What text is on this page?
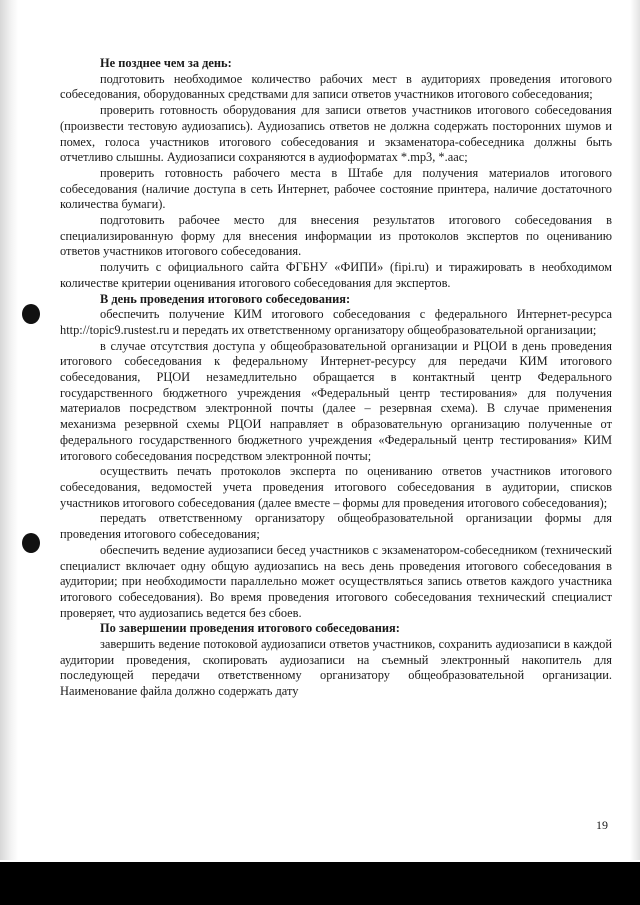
Не позднее чем за день:

подготовить необходимое количество рабочих мест в аудиториях проведения итогового собеседования, оборудованных средствами для записи ответов участников итогового собеседования;

проверить готовность оборудования для записи ответов участников итогового собеседования (произвести тестовую аудиозапись). Аудиозапись ответов не должна содержать посторонних шумов и помех, голоса участников итогового собеседования и экзаменатора-собеседника должны быть отчетливо слышны. Аудиозаписи сохраняются в аудиоформатах *.mp3, *.aac;

проверить готовность рабочего места в Штабе для получения материалов итогового собеседования (наличие доступа в сеть Интернет, рабочее состояние принтера, наличие достаточного количества бумаги).

подготовить рабочее место для внесения результатов итогового собеседования в специализированную форму для внесения информации из протоколов экспертов по оцениванию ответов участников итогового собеседования.

получить с официального сайта ФГБНУ «ФИПИ» (fipi.ru) и тиражировать в необходимом количестве критерии оценивания итогового собеседования для экспертов.

В день проведения итогового собеседования:

обеспечить получение КИМ итогового собеседования с федерального Интернет-ресурса http://topic9.rustest.ru и передать их ответственному организатору общеобразовательной организации;

в случае отсутствия доступа у общеобразовательной организации и РЦОИ в день проведения итогового собеседования к федеральному Интернет-ресурсу для передачи КИМ итогового собеседования, РЦОИ незамедлительно обращается в контактный центр Федерального государственного бюджетного учреждения «Федеральный центр тестирования» для получения материалов посредством электронной почты (далее – резервная схема). В случае применения механизма резервной схемы РЦОИ направляет в образовательную организацию полученные от федерального государственного бюджетного учреждения «Федеральный центр тестирования» КИМ итогового собеседования посредством электронной почты;

осуществить печать протоколов эксперта по оцениванию ответов участников итогового собеседования, ведомостей учета проведения итогового собеседования в аудитории, списков участников итогового собеседования (далее вместе – формы для проведения итогового собеседования);

передать ответственному организатору общеобразовательной организации формы для проведения итогового собеседования;

обеспечить ведение аудиозаписи бесед участников с экзаменатором-собеседником (технический специалист включает одну общую аудиозапись на весь день проведения итогового собеседования в аудитории; при необходимости параллельно может осуществляться запись ответов каждого участника итогового собеседования). Во время проведения итогового собеседования технический специалист проверяет, что аудиозапись ведется без сбоев.

По завершении проведения итогового собеседования:

завершить ведение потоковой аудиозаписи ответов участников, сохранить аудиозаписи в каждой аудитории проведения, скопировать аудиозаписи на съемный электронный накопитель для последующей передачи ответственному организатору общеобразовательной организации. Наименование файла должно содержать дату

19
